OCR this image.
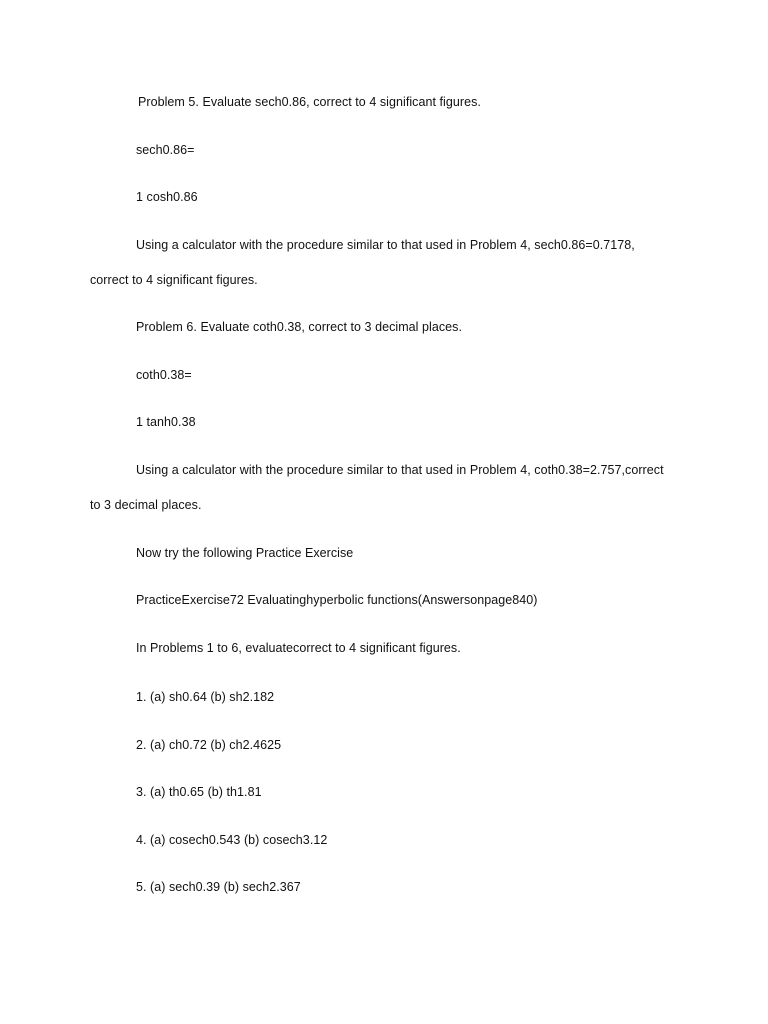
Problem 5. Evaluate sech0.86, correct to 4 significant figures.
sech0.86=
1 cosh0.86
Using a calculator with the procedure similar to that used in Problem 4, sech0.86=0.7178,
correct to 4 significant figures.
Problem 6. Evaluate coth0.38, correct to 3 decimal places.
coth0.38=
1 tanh0.38
Using a calculator with the procedure similar to that used in Problem 4, coth0.38=2.757,correct
to 3 decimal places.
Now try the following Practice Exercise
PracticeExercise72 Evaluatinghyperbolic functions(Answersonpage840)
In Problems 1 to 6, evaluatecorrect to 4 significant figures.
1. (a) sh0.64 (b) sh2.182
2. (a) ch0.72 (b) ch2.4625
3. (a) th0.65 (b) th1.81
4. (a) cosech0.543 (b) cosech3.12
5. (a) sech0.39 (b) sech2.367
